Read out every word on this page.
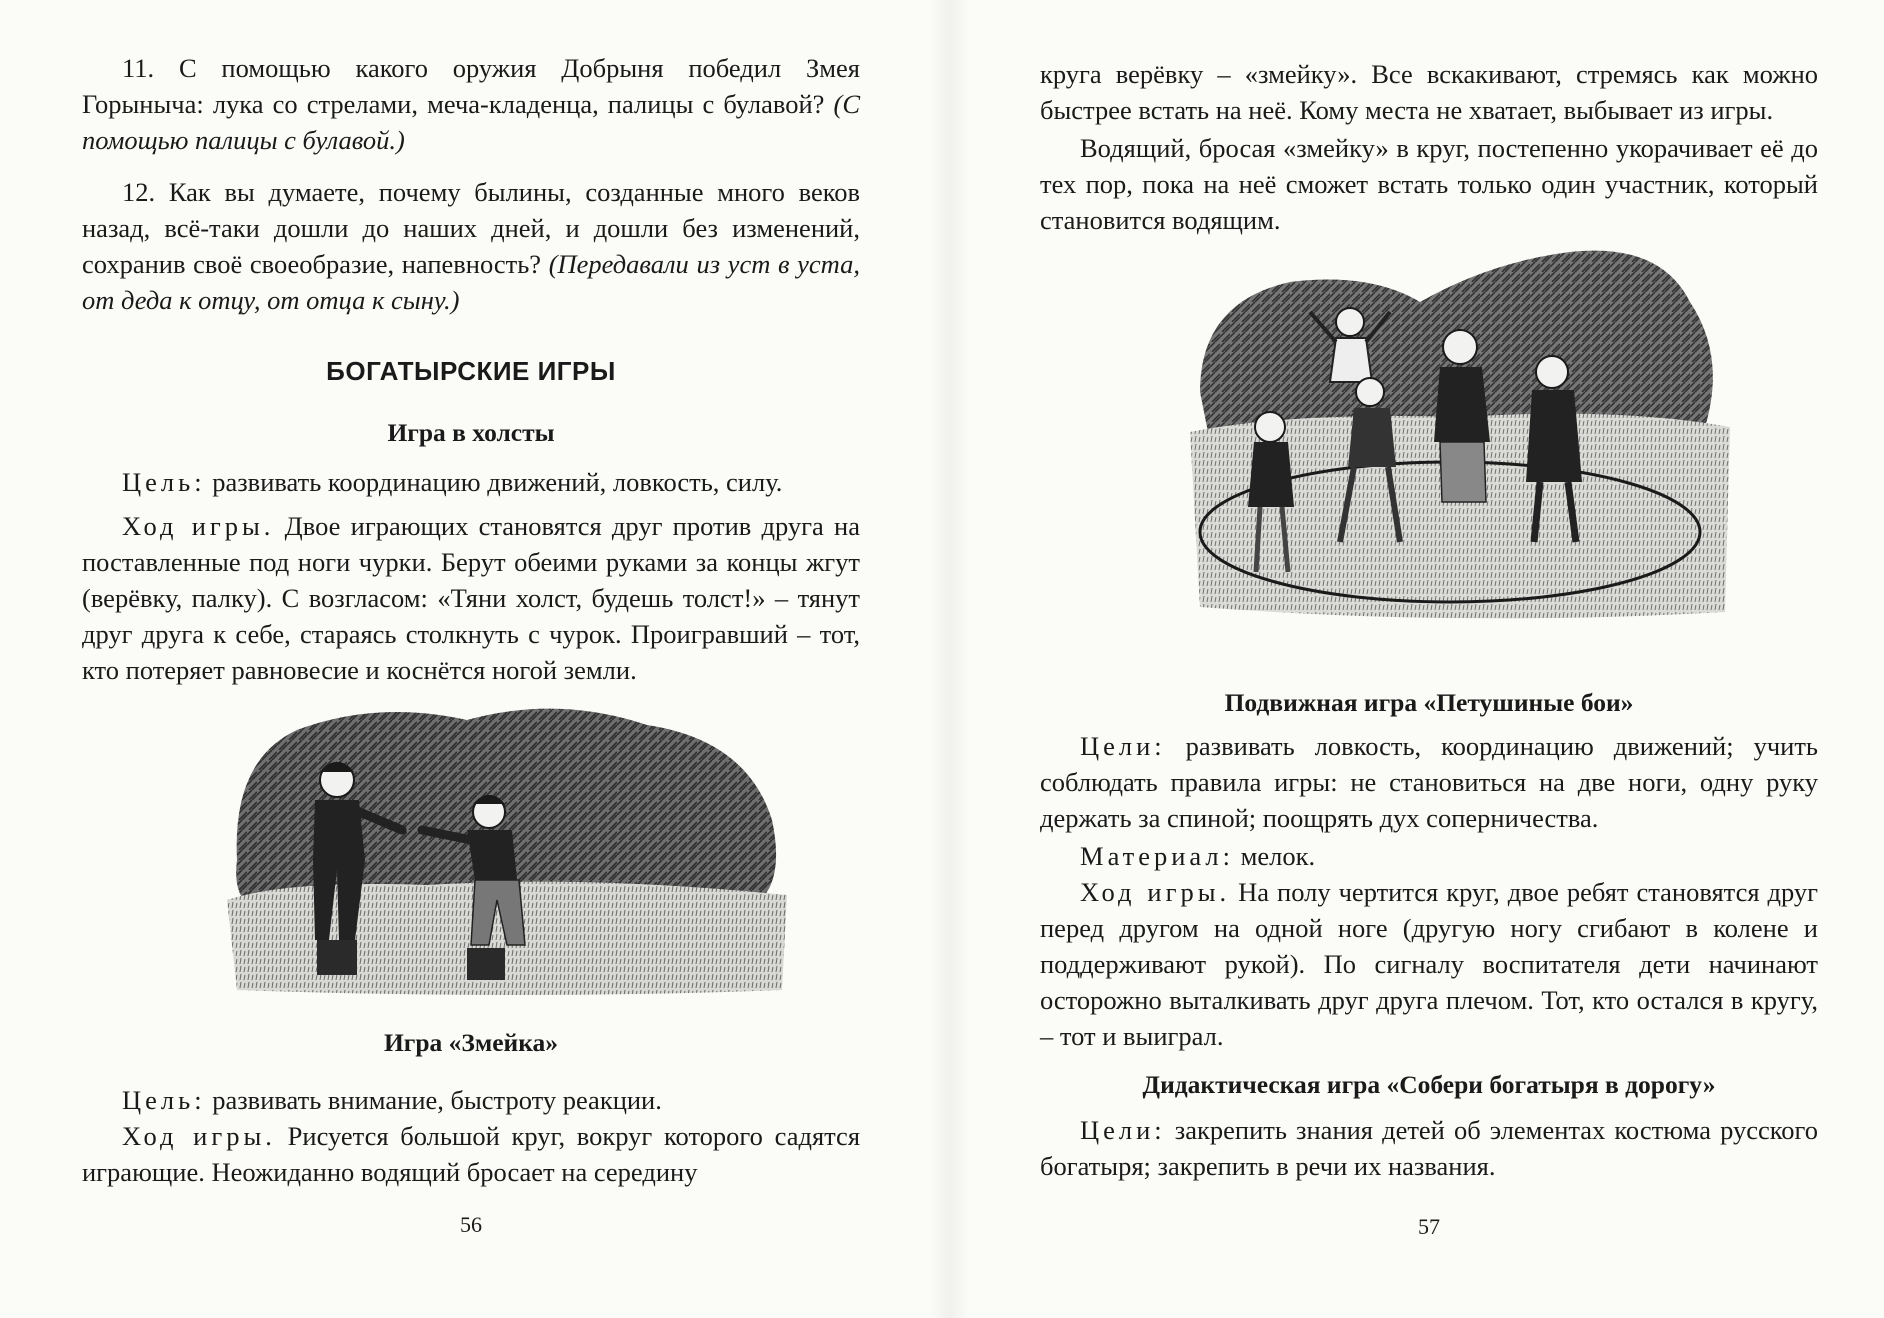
11. С помощью какого оружия Добрыня победил Змея Горыныча: лука со стрелами, меча-кладенца, палицы с булавой? (С помощью палицы с булавой.)

12. Как вы думаете, почему былины, созданные много веков назад, всё-таки дошли до наших дней, и дошли без изменений, сохранив своё своеобразие, напевность? (Передавали из уст в уста, от деда к отцу, от отца к сыну.)

БОГАТЫРСКИЕ ИГРЫ
Игра в холсты

Цель: развивать координацию движений, ловкость, силу.

Ход игры. Двое играющих становятся друг против друга на поставленные под ноги чурки. Берут обеими руками за концы жгут (верёвку, палку). С возгласом: «Тяни холст, будешь толст!» – тянут друг друга к себе, стараясь столкнуть с чурок. Проигравший – тот, кто потеряет равновесие и коснётся ногой земли.

Игра «Змейка»

Цель: развивать внимание, быстроту реакции.

Ход игры. Рисуется большой круг, вокруг которого садятся играющие. Неожиданно водящий бросает на середину

56

круга верёвку – «змейку». Все вскакивают, стремясь как можно быстрее встать на неё. Кому места не хватает, выбывает из игры.

Водящий, бросая «змейку» в круг, постепенно укорачивает её до тех пор, пока на неё сможет встать только один участник, который становится водящим.

Подвижная игра «Петушиные бои»

Цели: развивать ловкость, координацию движений; учить соблюдать правила игры: не становиться на две ноги, одну руку держать за спиной; поощрять дух соперничества.

Материал: мелок.

Ход игры. На полу чертится круг, двое ребят становятся друг перед другом на одной ноге (другую ногу сгибают в колене и поддерживают рукой). По сигналу воспитателя дети начинают осторожно выталкивать друг друга плечом. Тот, кто остался в кругу, – тот и выиграл.

Дидактическая игра «Собери богатыря в дорогу»

Цели: закрепить знания детей об элементах костюма русского богатыря; закрепить в речи их названия.

57
